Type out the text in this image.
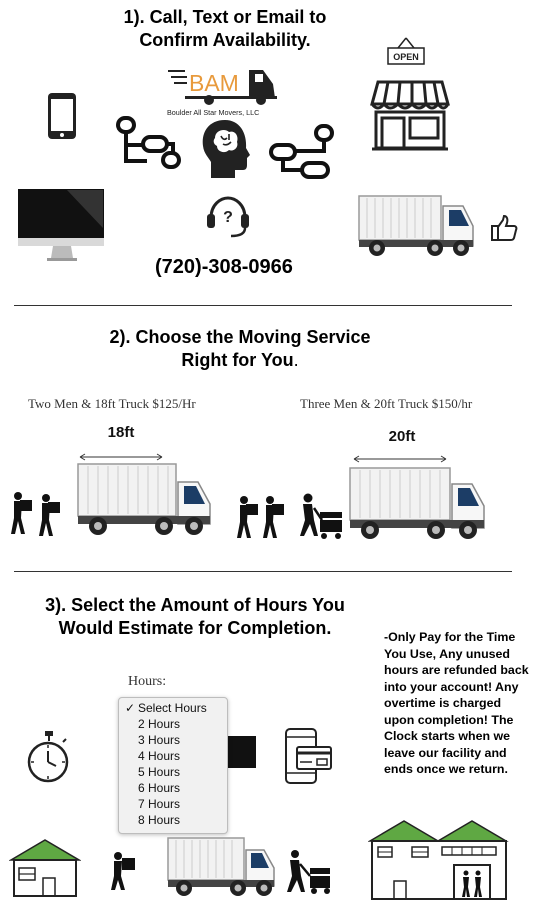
1). Call, Text or Email to
Confirm Availability.
BAM
Boulder All Star Movers, LLC
OPEN
?
(720)-308-0966
2). Choose the Moving Service
Right for You.
Two Men & 18ft Truck $125/Hr	Three Men & 20ft Truck $150/hr
18ft	20ft
3). Select the Amount of Hours You
Would Estimate for Completion.
Hours:
✓ Select Hours
2 Hours
3 Hours
4 Hours
5 Hours
6 Hours
7 Hours
8 Hours
-Only Pay for the Time You Use, Any unused hours are refunded back into your account! Any overtime is charged upon completion! The Clock starts when we leave our facility and ends once we return.
